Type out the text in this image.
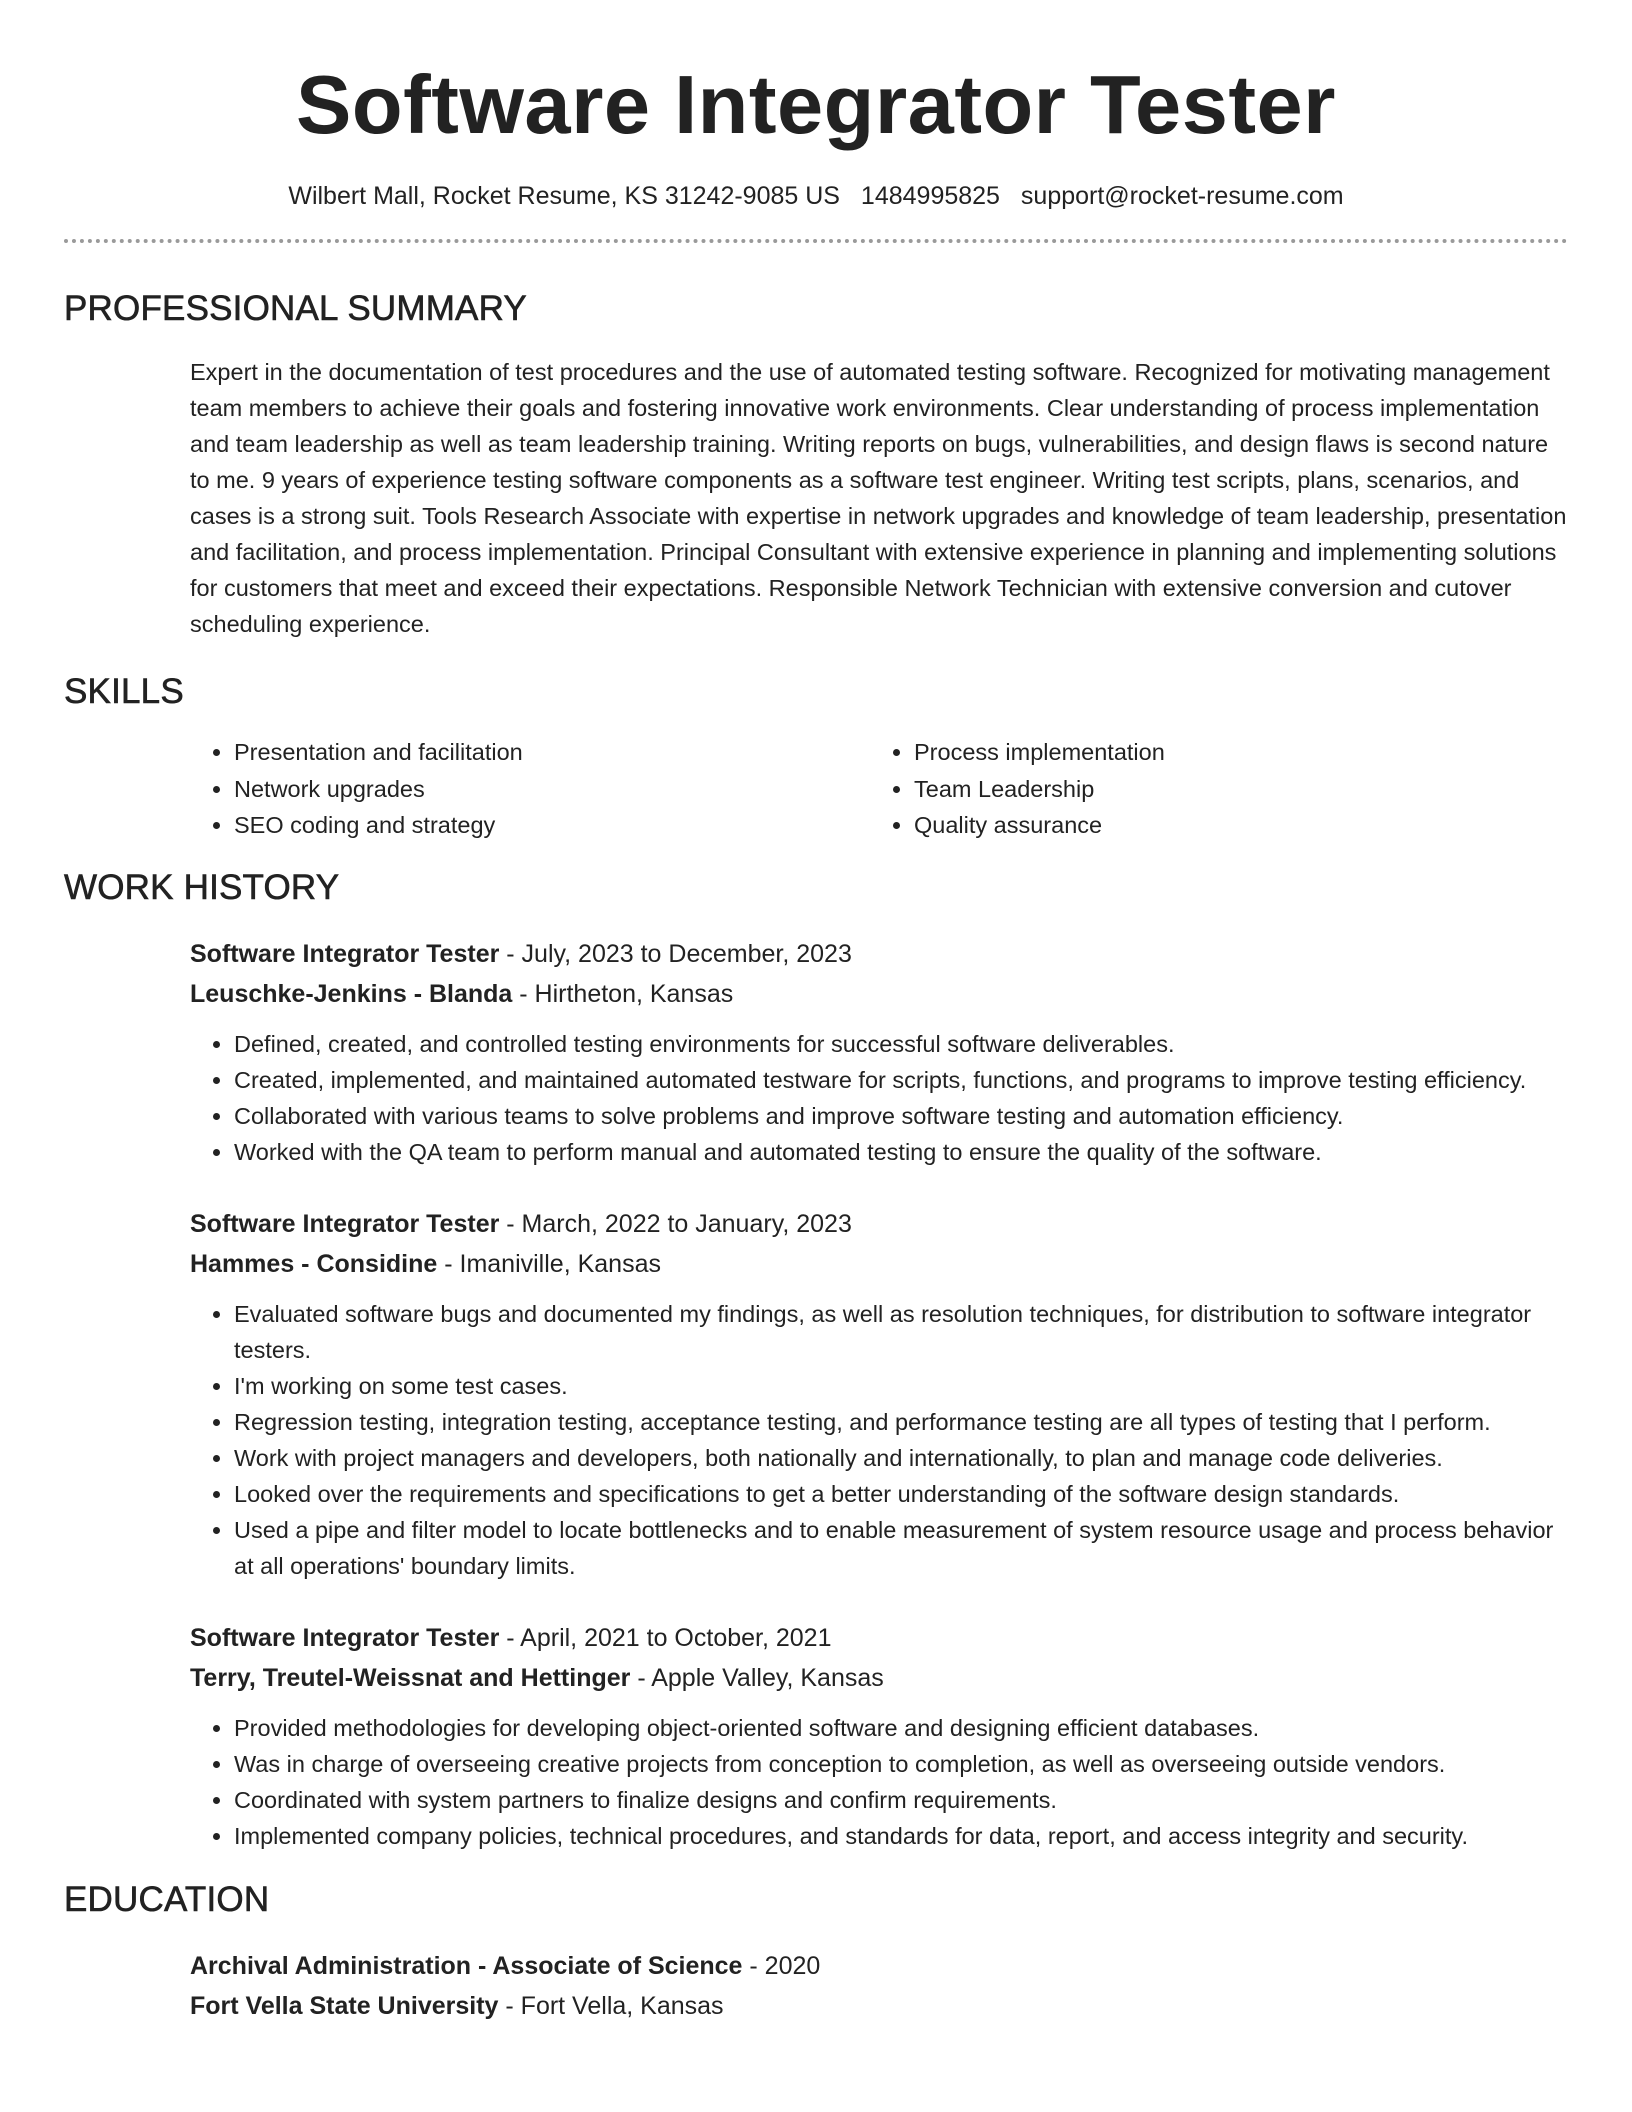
Software Integrator Tester
Wilbert Mall, Rocket Resume, KS 31242-9085 US 1484995825 support@rocket-resume.com
PROFESSIONAL SUMMARY

Expert in the documentation of test procedures and the use of automated testing software. Recognized for motivating management team members to achieve their goals and fostering innovative work environments. Clear understanding of process implementation and team leadership as well as team leadership training. Writing reports on bugs, vulnerabilities, and design flaws is second nature to me. 9 years of experience testing software components as a software test engineer. Writing test scripts, plans, scenarios, and cases is a strong suit. Tools Research Associate with expertise in network upgrades and knowledge of team leadership, presentation and facilitation, and process implementation. Principal Consultant with extensive experience in planning and implementing solutions for customers that meet and exceed their expectations. Responsible Network Technician with extensive conversion and cutover scheduling experience.

SKILLS
• Presentation and facilitation
• Network upgrades
• SEO coding and strategy
• Process implementation
• Team Leadership
• Quality assurance
WORK HISTORY
Software Integrator Tester - July, 2023 to December, 2023
Leuschke-Jenkins - Blanda - Hirtheton, Kansas
• Defined, created, and controlled testing environments for successful software deliverables.
• Created, implemented, and maintained automated testware for scripts, functions, and programs to improve testing efficiency.
• Collaborated with various teams to solve problems and improve software testing and automation efficiency.
• Worked with the QA team to perform manual and automated testing to ensure the quality of the software.
Software Integrator Tester - March, 2022 to January, 2023
Hammes - Considine - Imaniville, Kansas
• Evaluated software bugs and documented my findings, as well as resolution techniques, for distribution to software integrator testers.
• I'm working on some test cases.
• Regression testing, integration testing, acceptance testing, and performance testing are all types of testing that I perform.
• Work with project managers and developers, both nationally and internationally, to plan and manage code deliveries.
• Looked over the requirements and specifications to get a better understanding of the software design standards.
• Used a pipe and filter model to locate bottlenecks and to enable measurement of system resource usage and process behavior at all operations' boundary limits.
Software Integrator Tester - April, 2021 to October, 2021
Terry, Treutel-Weissnat and Hettinger - Apple Valley, Kansas
• Provided methodologies for developing object-oriented software and designing efficient databases.
• Was in charge of overseeing creative projects from conception to completion, as well as overseeing outside vendors.
• Coordinated with system partners to finalize designs and confirm requirements.
• Implemented company policies, technical procedures, and standards for data, report, and access integrity and security.
EDUCATION
Archival Administration - Associate of Science - 2020
Fort Vella State University - Fort Vella, Kansas
